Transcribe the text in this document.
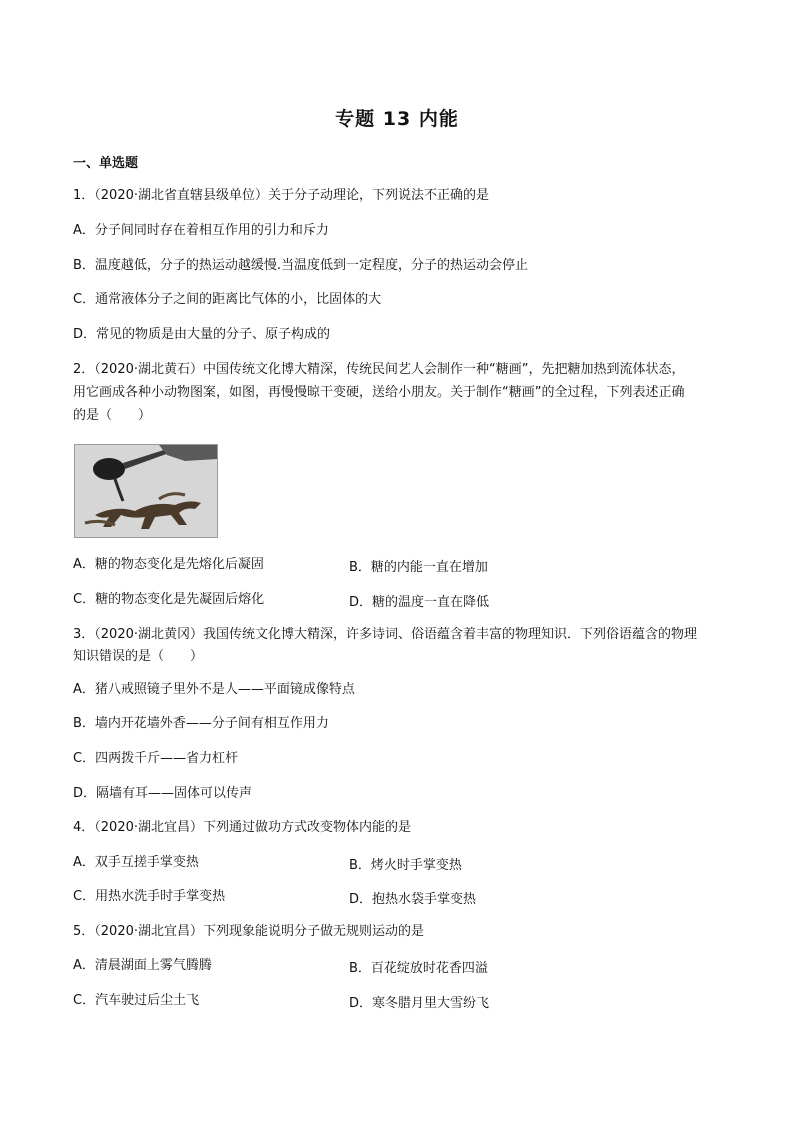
专题 13 内能
一、单选题
1．（2020·湖北省直辖县级单位）关于分子动理论，下列说法不正确的是
A．分子间同时存在着相互作用的引力和斥力
B．温度越低，分子的热运动越缓慢.当温度低到一定程度，分子的热运动会停止
C．通常液体分子之间的距离比气体的小，比固体的大
D．常见的物质是由大量的分子、原子构成的
2．（2020·湖北黄石）中国传统文化博大精深，传统民间艺人会制作一种“糖画”，先把糖加热到流体状态，
用它画成各种小动物图案，如图，再慢慢晾干变硬，送给小朋友。关于制作“糖画”的全过程，下列表述正确
的是（　　）
A．糖的物态变化是先熔化后凝固	B．糖的内能一直在增加
C．糖的物态变化是先凝固后熔化	D．糖的温度一直在降低
3．（2020·湖北黄冈）我国传统文化博大精深，许多诗词、俗语蕴含着丰富的物理知识．下列俗语蕴含的物理
知识错误的是（　　）
A．猪八戒照镜子里外不是人——平面镜成像特点
B．墙内开花墙外香——分子间有相互作用力
C．四两拨千斤——省力杠杆
D．隔墙有耳——固体可以传声
4．（2020·湖北宜昌）下列通过做功方式改变物体内能的是
A．双手互搓手掌变热	B．烤火时手掌变热
C．用热水洗手时手掌变热	D．抱热水袋手掌变热
5．（2020·湖北宜昌）下列现象能说明分子做无规则运动的是
A．清晨湖面上雾气腾腾	B．百花绽放时花香四溢
C．汽车驶过后尘土飞	D．寒冬腊月里大雪纷飞
